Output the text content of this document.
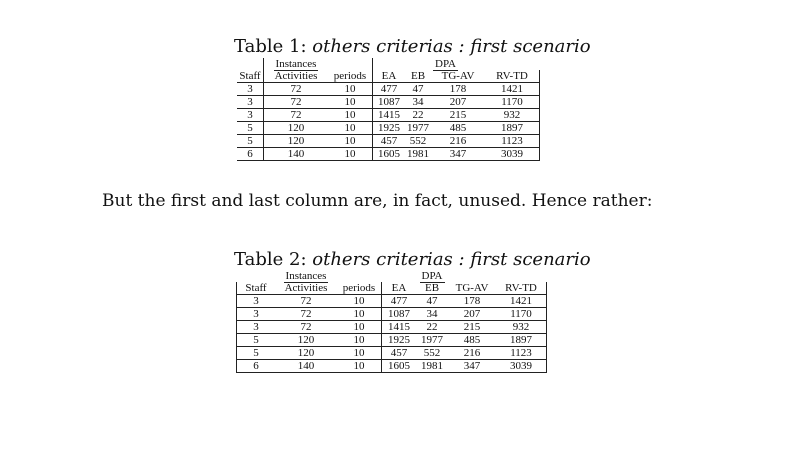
Table 1: others criterias : first scenario
	Instances				DPA	
Staff	Activities	periods	EA	EB	TG-AV	RV-TD
3	72	10	477	47	178	1421
3	72	10	1087	34	207	1170
3	72	10	1415	22	215	932
5	120	10	1925	1977	485	1897
5	120	10	457	552	216	1123
6	140	10	1605	1981	347	3039
But the first and last column are, in fact, unused. Hence rather:
Table 2: others criterias : first scenario
	Instances			DPA		
Staff	Activities	periods	EA	EB	TG-AV	RV-TD
3	72	10	477	47	178	1421
3	72	10	1087	34	207	1170
3	72	10	1415	22	215	932
5	120	10	1925	1977	485	1897
5	120	10	457	552	216	1123
6	140	10	1605	1981	347	3039
